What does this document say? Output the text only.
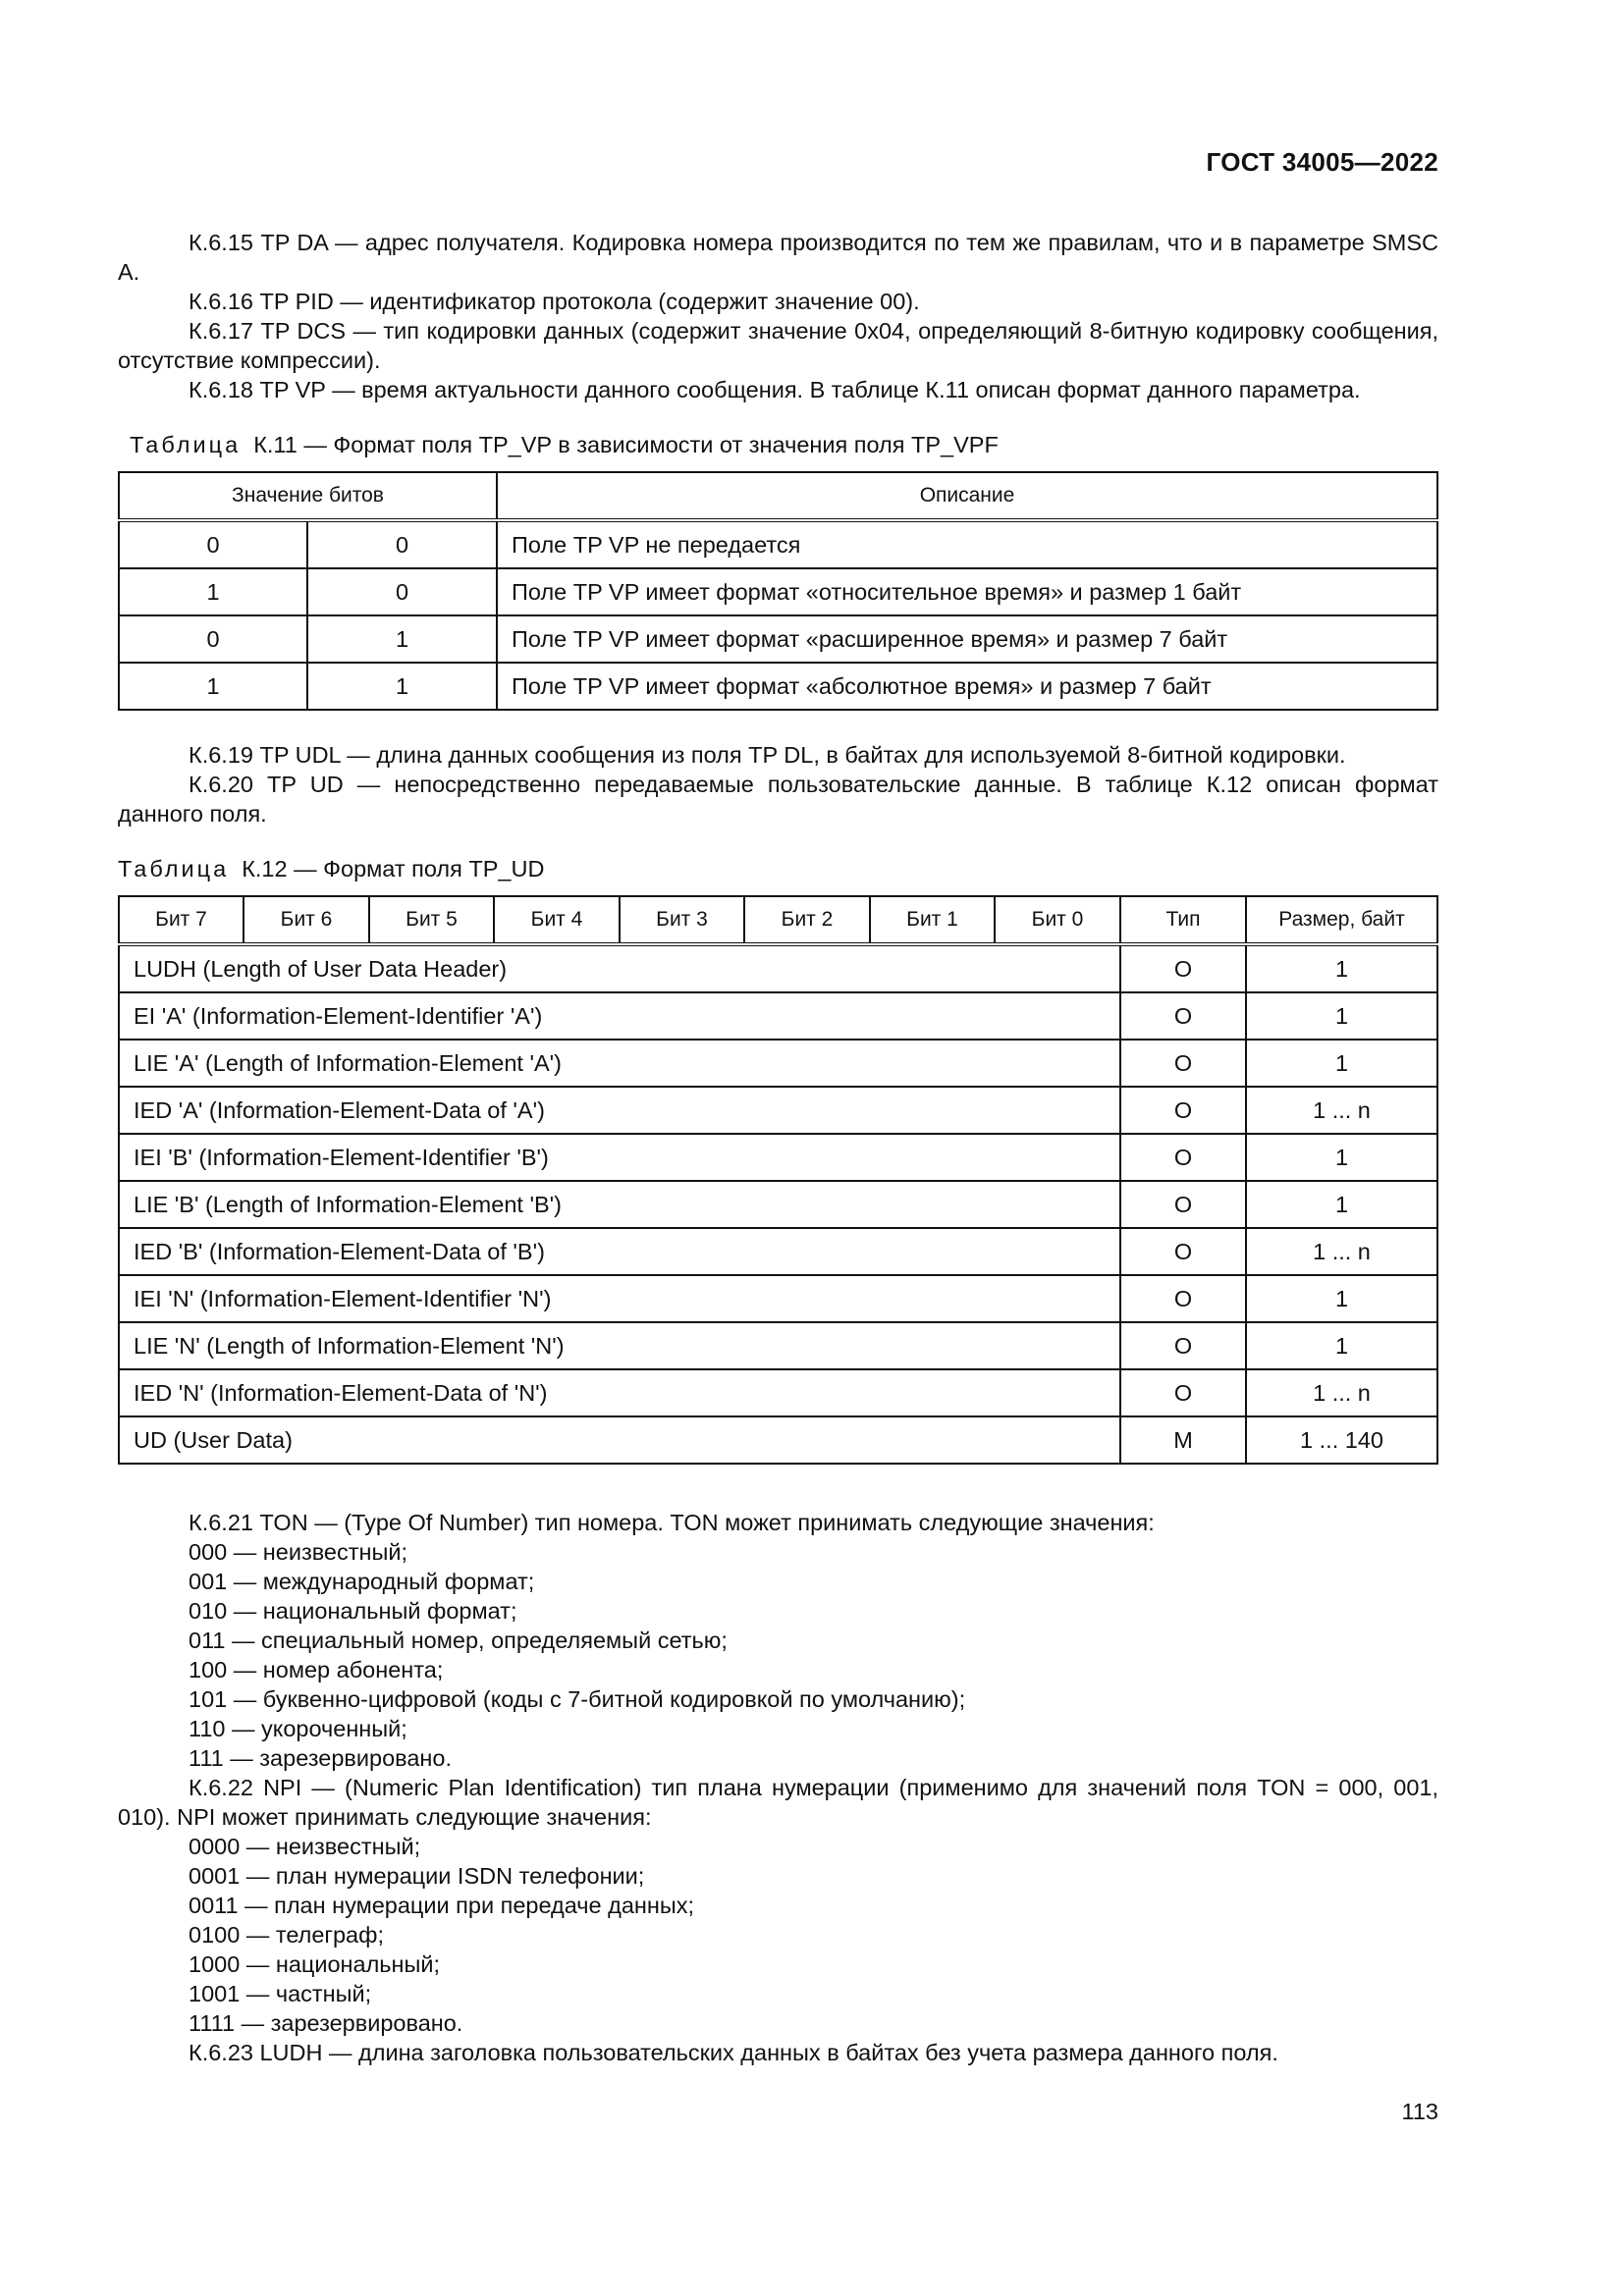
ГОСТ 34005—2022

К.6.15 TP DA — адрес получателя. Кодировка номера производится по тем же правилам, что и в параметре SMSC A.

К.6.16 TP PID — идентификатор протокола (содержит значение 00).

К.6.17 TP DCS — тип кодировки данных (содержит значение 0x04, определяющий 8-битную кодировку сообщения, отсутствие компрессии).

К.6.18 TP VP — время актуальности данного сообщения. В таблице К.11 описан формат данного параметра.

Таблица К.11 — Формат поля TP_VP в зависимости от значения поля TP_VPF

Значение битов		Описание
0	0	Поле TP VP не передается
1	0	Поле TP VP имеет формат «относительное время» и размер 1 байт
0	1	Поле TP VP имеет формат «расширенное время» и размер 7 байт
1	1	Поле TP VP имеет формат «абсолютное время» и размер 7 байт

К.6.19 TP UDL — длина данных сообщения из поля TP DL, в байтах для используемой 8-битной кодировки.

К.6.20 TP UD — непосредственно передаваемые пользовательские данные. В таблице К.12 описан формат данного поля.

Таблица К.12 — Формат поля TP_UD

Бит 7	Бит 6	Бит 5	Бит 4	Бит 3	Бит 2	Бит 1	Бит 0	Тип	Размер, байт
LUDH (Length of User Data Header)								O	1
EI 'A' (Information-Element-Identifier 'A')								O	1
LIE 'A' (Length of Information-Element 'A')								O	1
IED 'A' (Information-Element-Data of 'A')								O	1 ... n
IEI 'B' (Information-Element-Identifier 'B')								O	1
LIE 'B' (Length of Information-Element 'B')								O	1
IED 'B' (Information-Element-Data of 'B')								O	1 ... n
IEI 'N' (Information-Element-Identifier 'N')								O	1
LIE 'N' (Length of Information-Element 'N')								O	1
IED 'N' (Information-Element-Data of 'N')								O	1 ... n
UD (User Data)								M	1 ... 140

К.6.21 TON — (Type Of Number) тип номера. TON может принимать следующие значения:

000 — неизвестный;
001 — международный формат;
010 — национальный формат;
011 — специальный номер, определяемый сетью;
100 — номер абонента;
101 — буквенно-цифровой (коды с 7-битной кодировкой по умолчанию);
110 — укороченный;
111 — зарезервировано.

К.6.22 NPI — (Numeric Plan Identification) тип плана нумерации (применимо для значений поля TON = 000, 001, 010). NPI может принимать следующие значения:

0000 — неизвестный;
0001 — план нумерации ISDN телефонии;
0011 — план нумерации при передаче данных;
0100 — телеграф;
1000 — национальный;
1001 — частный;
1111 — зарезервировано.

К.6.23 LUDH — длина заголовка пользовательских данных в байтах без учета размера данного поля.

113
